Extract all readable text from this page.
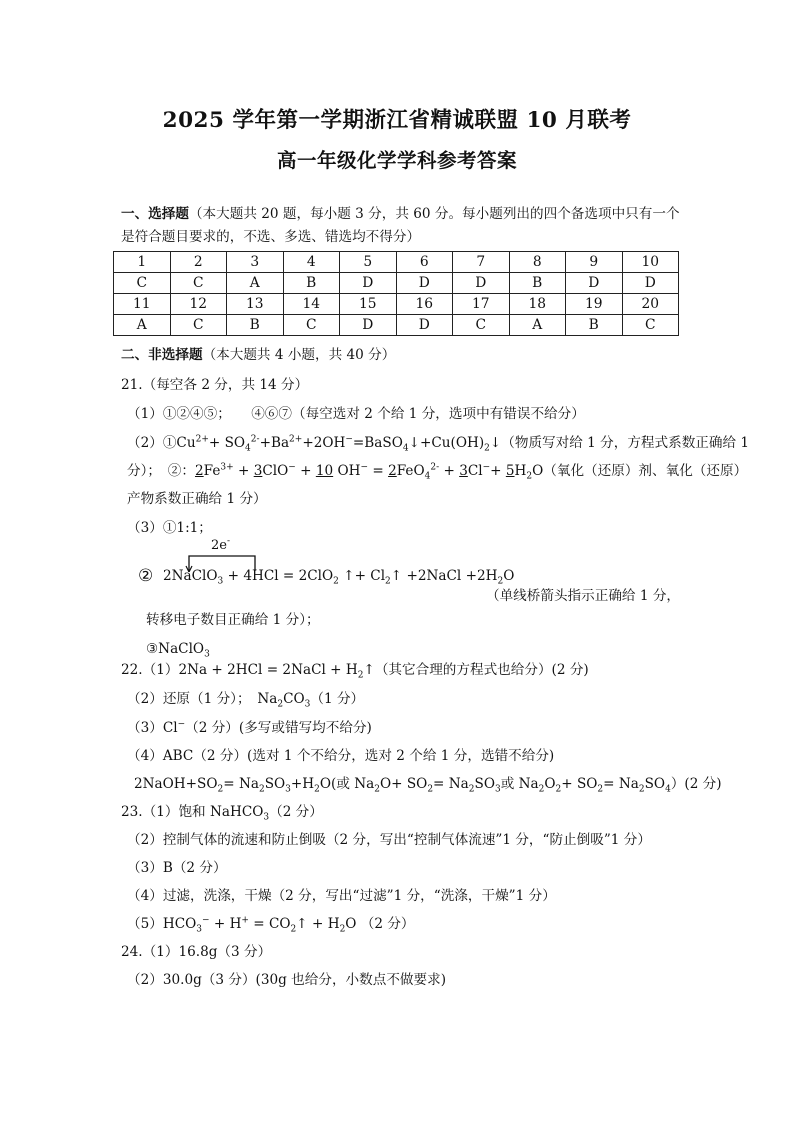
2025 学年第一学期浙江省精诚联盟 10 月联考
高一年级化学学科参考答案
一、选择题（本大题共 20 题，每小题 3 分，共 60 分。每小题列出的四个备选项中只有一个
是符合题目要求的，不选、多选、错选均不得分）
1	2	3	4	5	6	7	8	9	10
C	C	A	B	D	D	D	B	D	D
11	12	13	14	15	16	17	18	19	20
A	C	B	C	D	D	C	A	B	C
二、非选择题（本大题共 4 小题，共 40 分）
21.（每空各 2 分，共 14 分）
（1）①②④⑤；　　④⑥⑦（每空选对 2 个给 1 分，选项中有错误不给分）
$(2)①Cu^{2+}+$ $SO_4^{2-}+Ba^{2+}+2OH^-=BaSO_4↓+Cu(OH)_2↓$（物质写对给 1 分，方程式系数正确给 1
分）；　②：$2Fe^{3+} + 3ClO^- + 10$ $OH^- = 2FeO_4^{2-} + 3Cl^-+ 5H_2O$（氧化（还原）剂、氧化（还原）
产物系数正确给 1 分）
（3）①1:1；
2e-
② 2NaClO$_3$ + 4HCl = 2ClO$_2$ ↑+ $Cl_2↑$ +2NaCl $+2H_2O$
（单线桥箭头指示正确给 1 分，
转移电子数目正确给 1 分）；
③NaClO$_3$
22.（1）2Na + 2HCl = 2NaCl + $H_2↑$（其它合理的方程式也给分）(2 分)
（2）还原（1 分）；　$Na_2CO_3(1$ 分）
（3）Cl−（2 分）(多写或错写均不给分)
（4）ABC（2 分）(选对 1 个不给分，选对 2 个给 1 分，选错不给分)
$2NaOH+SO_2= Na_2SO_3+H_2O$(或 $Na_2O+ SO_2= Na_2SO_3$或 $Na_2O_2+ SO_2= Na_2SO_4)(2$ 分)
23.（1）饱和 NaHCO$_3$（2 分）
（2）控制气体的流速和防止倒吸（2 分，写出“控制气体流速”1 分，“防止倒吸”1 分）
（3）B（2 分）
（4）过滤，洗涤，干燥（2 分，写出“过滤”1 分，“洗涤，干燥”1 分）
$(5)HCO_3^- + H^+$ = $CO_2↑ + H_2O$ （2 分）
24.（1）16.8g（3 分）
（2）30.0g（3 分）(30g 也给分，小数点不做要求)
